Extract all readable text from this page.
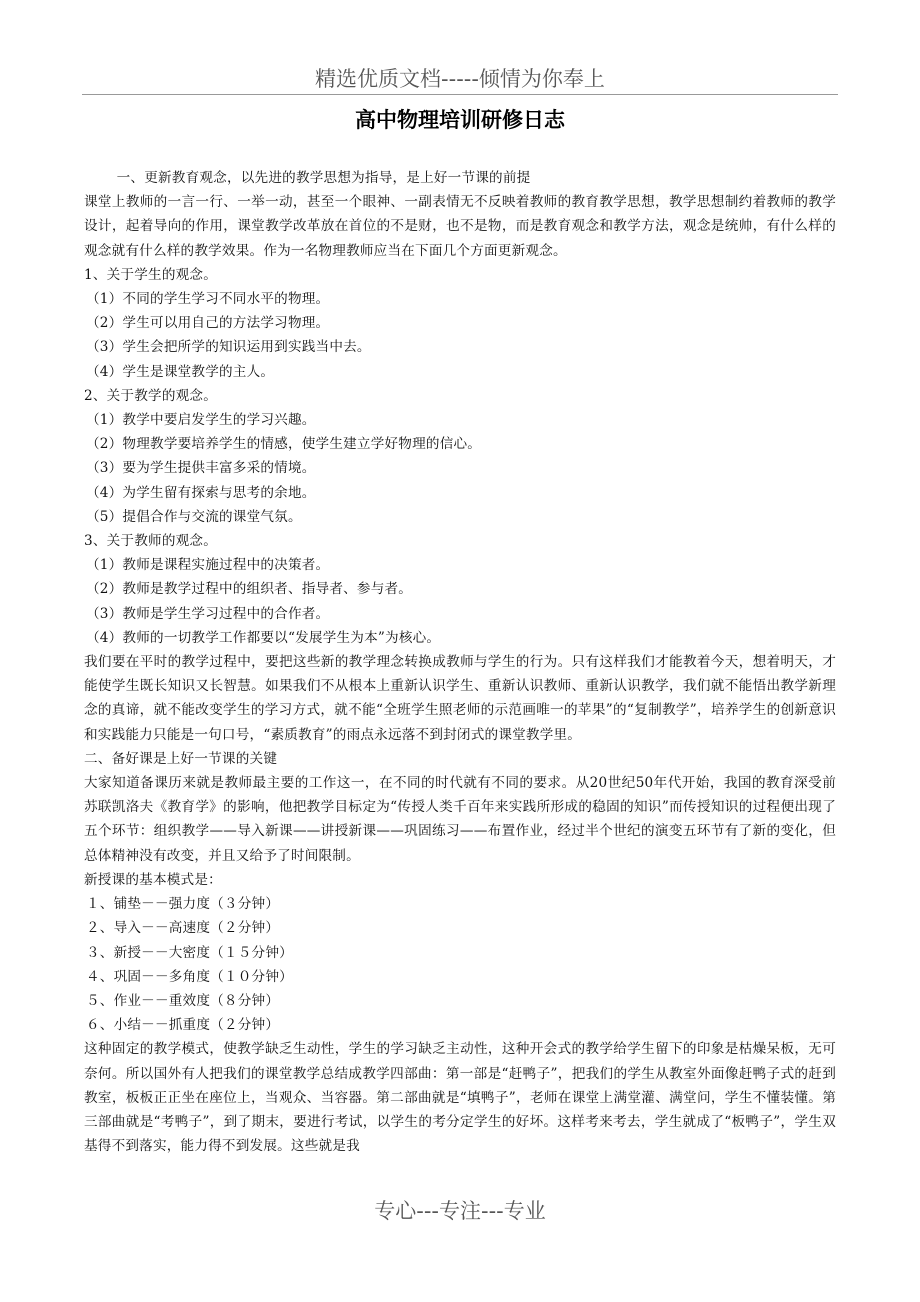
精选优质文档-----倾情为你奉上
高中物理培训研修日志

一、更新教育观念，以先进的教学思想为指导，是上好一节课的前提

课堂上教师的一言一行、一举一动，甚至一个眼神、一副表情无不反映着教师的教育教学思想，教学思想制约着教师的教学设计，起着导向的作用，课堂教学改革放在首位的不是财，也不是物，而是教育观念和教学方法，观念是统帅，有什么样的观念就有什么样的教学效果。作为一名物理教师应当在下面几个方面更新观念。

1、关于学生的观念。

（1）不同的学生学习不同水平的物理。

（2）学生可以用自己的方法学习物理。

（3）学生会把所学的知识运用到实践当中去。

（4）学生是课堂教学的主人。

2、关于教学的观念。

（1）教学中要启发学生的学习兴趣。

（2）物理教学要培养学生的情感，使学生建立学好物理的信心。

（3）要为学生提供丰富多采的情境。

（4）为学生留有探索与思考的余地。

（5）提倡合作与交流的课堂气氛。

3、关于教师的观念。

（1）教师是课程实施过程中的决策者。

（2）教师是教学过程中的组织者、指导者、参与者。

（3）教师是学生学习过程中的合作者。

（4）教师的一切教学工作都要以“发展学生为本”为核心。

我们要在平时的教学过程中，要把这些新的教学理念转换成教师与学生的行为。只有这样我们才能教着今天，想着明天，才能使学生既长知识又长智慧。如果我们不从根本上重新认识学生、重新认识教师、重新认识教学，我们就不能悟出教学新理念的真谛，就不能改变学生的学习方式，就不能“全班学生照老师的示范画唯一的苹果”的“复制教学”，培养学生的创新意识和实践能力只能是一句口号，“素质教育”的雨点永远落不到封闭式的课堂教学里。

二、备好课是上好一节课的关键

大家知道备课历来就是教师最主要的工作这一，在不同的时代就有不同的要求。从20世纪50年代开始，我国的教育深受前苏联凯洛夫《教育学》的影响，他把教学目标定为“传授人类千百年来实践所形成的稳固的知识”而传授知识的过程便出现了五个环节：组织教学——导入新课——讲授新课——巩固练习——布置作业，经过半个世纪的演变五环节有了新的变化，但总体精神没有改变，并且又给予了时间限制。

新授课的基本模式是：

１、铺垫－－强力度（３分钟）

２、导入－－高速度（２分钟）

３、新授－－大密度（１５分钟）

４、巩固－－多角度（１０分钟）

５、作业－－重效度（８分钟）

６、小结－－抓重度（２分钟）

这种固定的教学模式，使教学缺乏生动性，学生的学习缺乏主动性，这种开会式的教学给学生留下的印象是枯燥呆板，无可奈何。所以国外有人把我们的课堂教学总结成教学四部曲：第一部是“赶鸭子”，把我们的学生从教室外面像赶鸭子式的赶到教室，板板正正坐在座位上，当观众、当容器。第二部曲就是“填鸭子”，老师在课堂上满堂灌、满堂问，学生不懂装懂。第三部曲就是“考鸭子”，到了期末，要进行考试，以学生的考分定学生的好坏。这样考来考去，学生就成了“板鸭子”，学生双基得不到落实，能力得不到发展。这些就是我

专心---专注---专业
